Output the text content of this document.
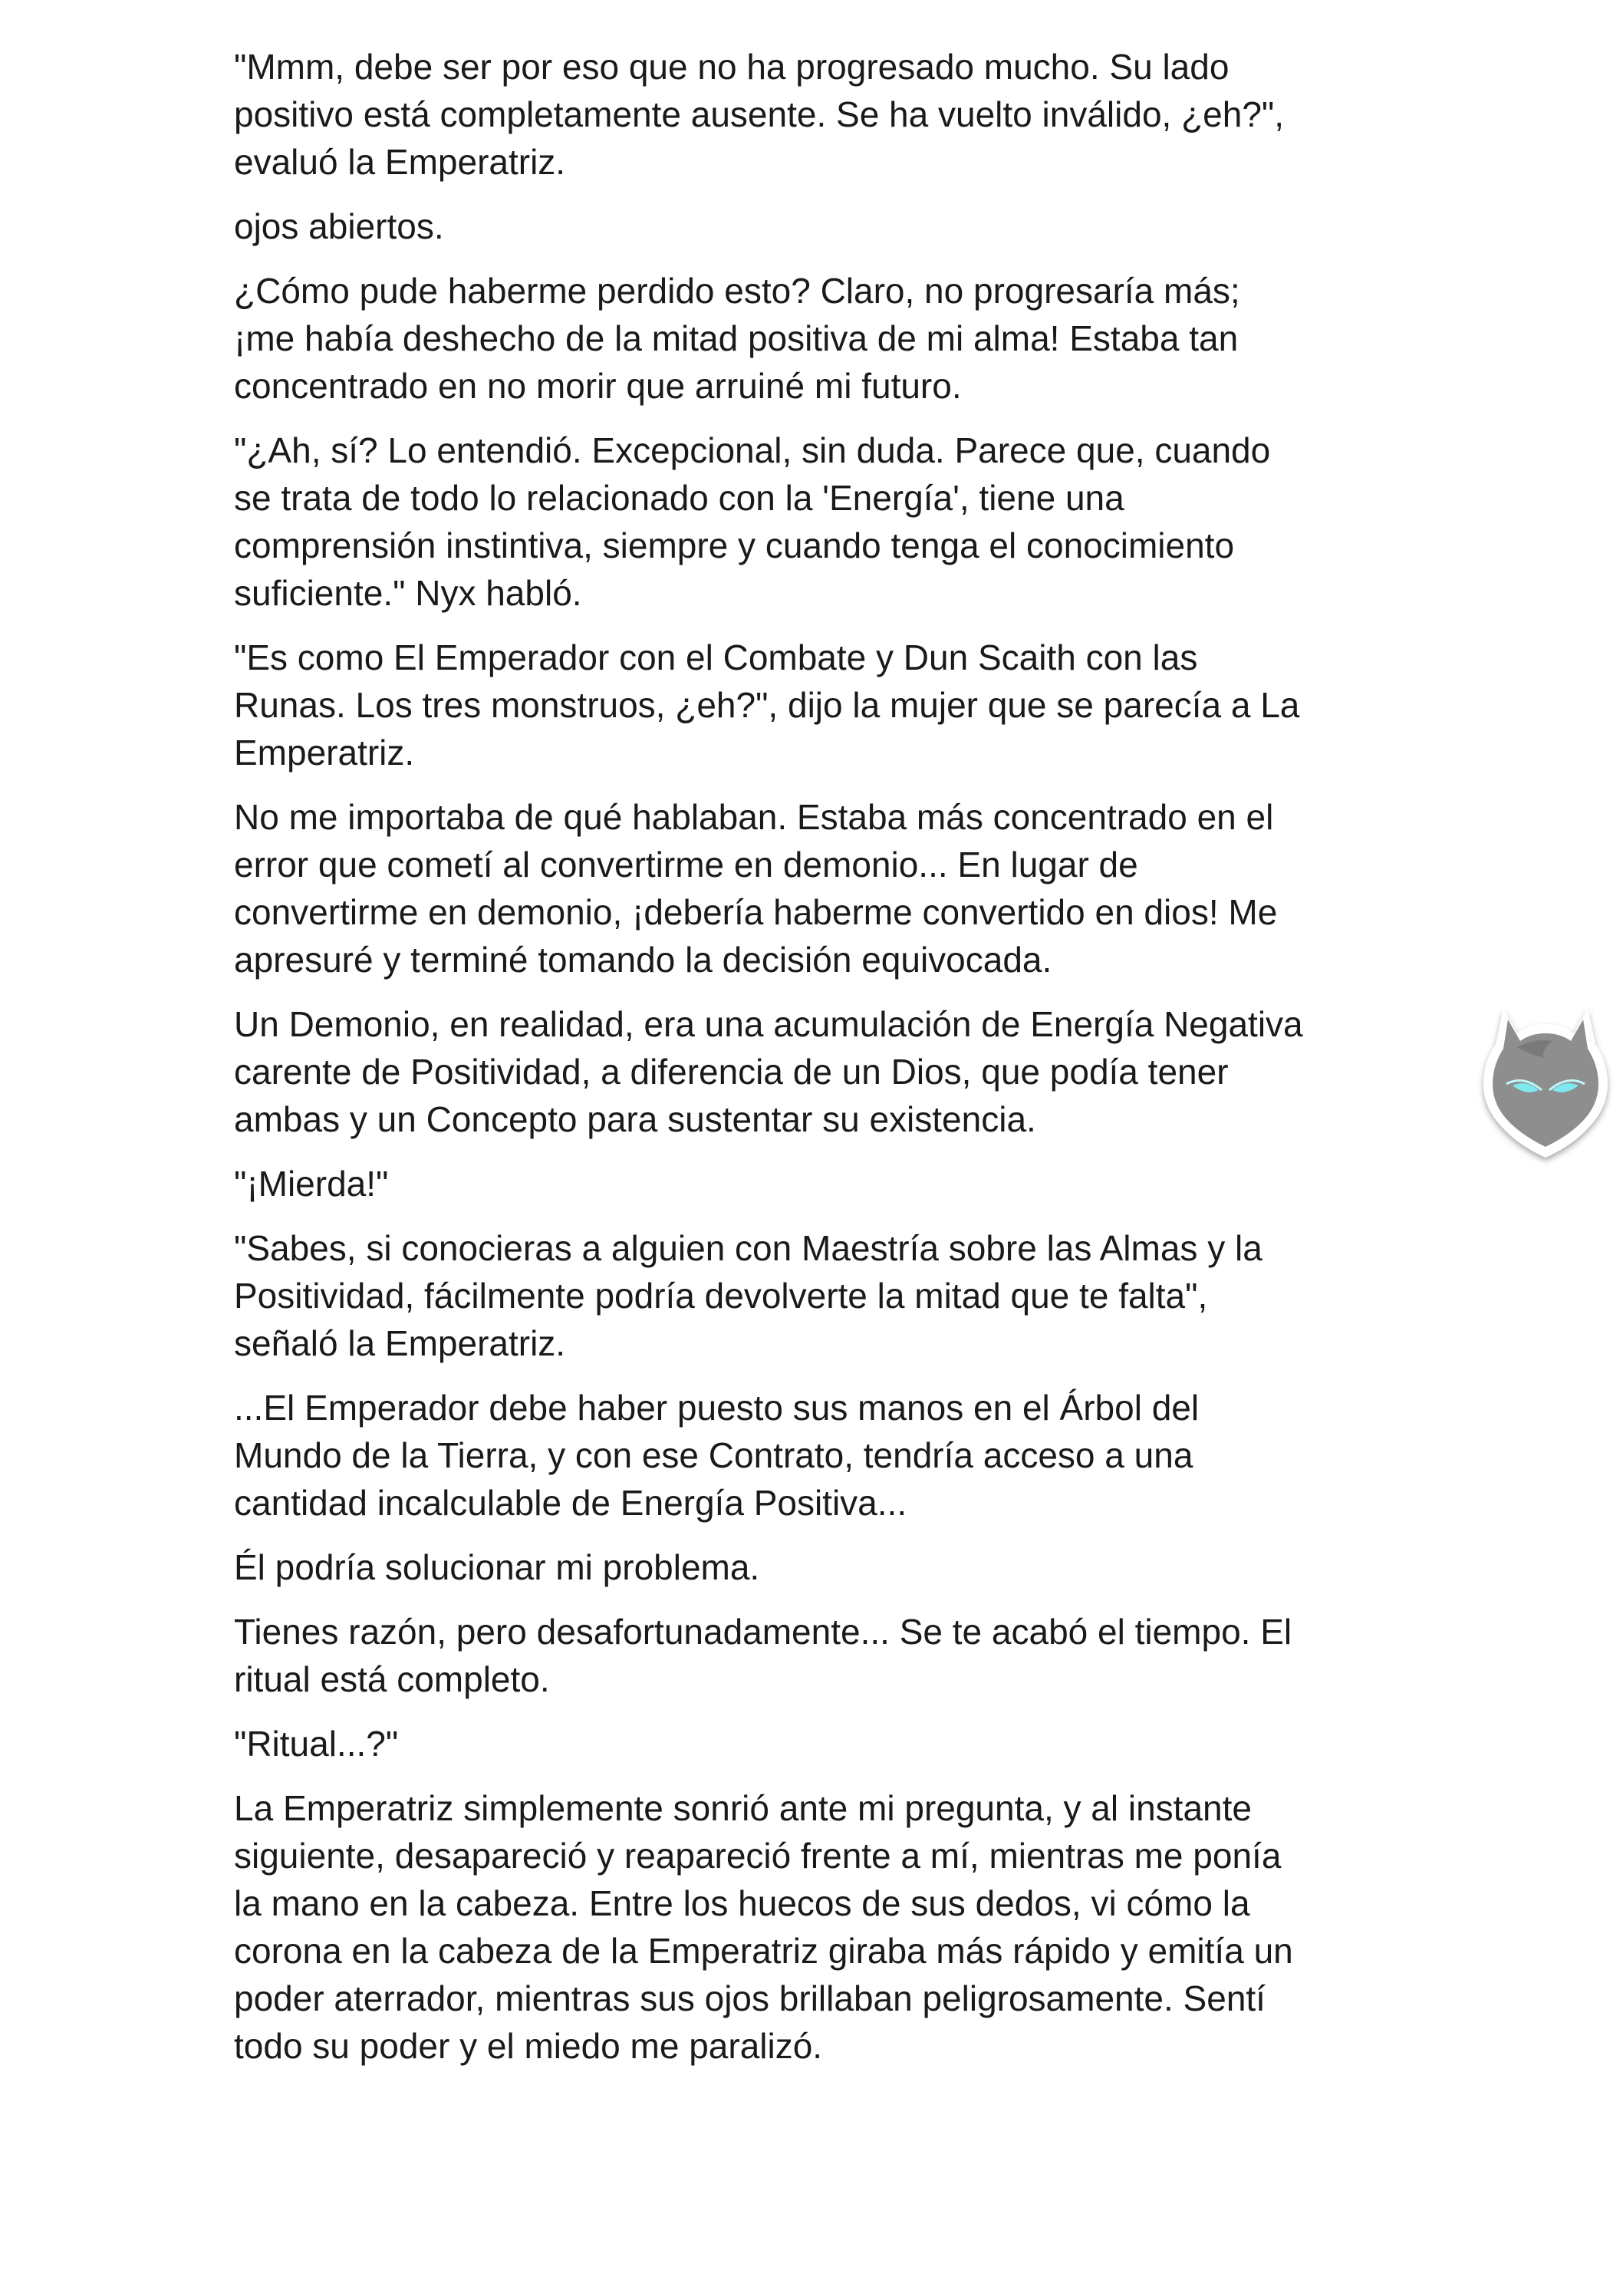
"Mmm, debe ser por eso que no ha progresado mucho. Su lado
positivo está completamente ausente. Se ha vuelto inválido, ¿eh?",
evaluó la Emperatriz.

ojos abiertos.

¿Cómo pude haberme perdido esto? Claro, no progresaría más;
¡me había deshecho de la mitad positiva de mi alma! Estaba tan
concentrado en no morir que arruiné mi futuro.

"¿Ah, sí? Lo entendió. Excepcional, sin duda. Parece que, cuando
se trata de todo lo relacionado con la 'Energía', tiene una
comprensión instintiva, siempre y cuando tenga el conocimiento
suficiente." Nyx habló.

"Es como El Emperador con el Combate y Dun Scaith con las
Runas. Los tres monstruos, ¿eh?", dijo la mujer que se parecía a La
Emperatriz.

No me importaba de qué hablaban. Estaba más concentrado en el
error que cometí al convertirme en demonio... En lugar de
convertirme en demonio, ¡debería haberme convertido en dios! Me
apresuré y terminé tomando la decisión equivocada.

Un Demonio, en realidad, era una acumulación de Energía Negativa
carente de Positividad, a diferencia de un Dios, que podía tener
ambas y un Concepto para sustentar su existencia.

"¡Mierda!"

"Sabes, si conocieras a alguien con Maestría sobre las Almas y la
Positividad, fácilmente podría devolverte la mitad que te falta",
señaló la Emperatriz.

...El Emperador debe haber puesto sus manos en el Árbol del
Mundo de la Tierra, y con ese Contrato, tendría acceso a una
cantidad incalculable de Energía Positiva...

Él podría solucionar mi problema.

Tienes razón, pero desafortunadamente... Se te acabó el tiempo. El
ritual está completo.

"Ritual...?"

La Emperatriz simplemente sonrió ante mi pregunta, y al instante
siguiente, desapareció y reapareció frente a mí, mientras me ponía
la mano en la cabeza. Entre los huecos de sus dedos, vi cómo la
corona en la cabeza de la Emperatriz giraba más rápido y emitía un
poder aterrador, mientras sus ojos brillaban peligrosamente. Sentí
todo su poder y el miedo me paralizó.
